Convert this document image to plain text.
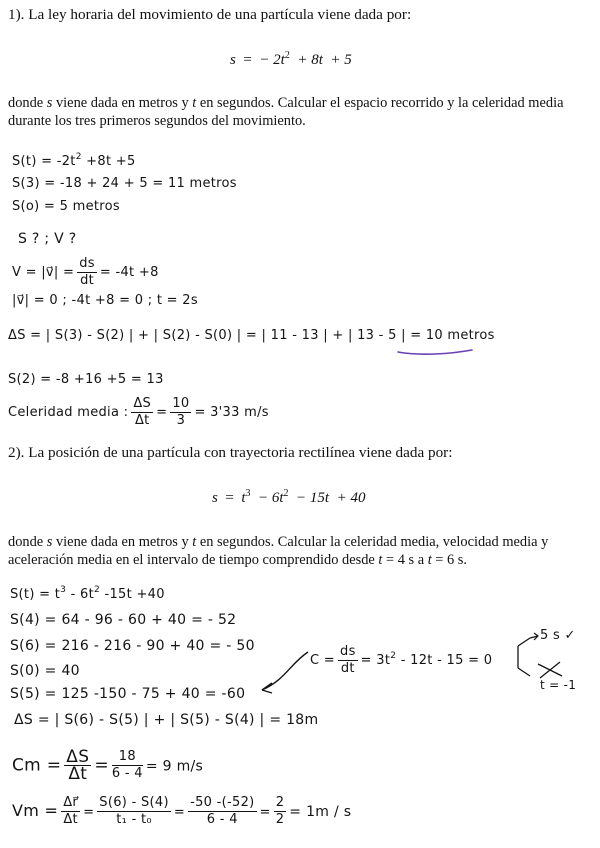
1). La ley horaria del movimiento de una partícula viene dada por:
s = − $2t^2 + 8t + 5$
donde s viene dada en metros y t en segundos. Calcular el espacio recorrido y la celeridad media durante los tres primeros segundos del movimiento.
$S(t) = -2t^2 +8t +5$
S(3) = -18 + 24 + 5 = 11 metros
S(o) = 5 metros
S ? ; V ?
V = |v⃗| = $\frac{ds}{dt} = -4t +8$
|v⃗| = 0 ; -4t +8 = 0 ; t = 2s
ΔS = | S(3) - S(2) | + | S(2) - S(0) | = | 11 - 13 | + | 13 - 5 | = 10 metros
S(2) = -8 +16 +5 = 13
Celeridad media : $\frac{\Delta S}{\Delta t} = \frac{10}{3} = 3'33$ m/s
2). La posición de una partícula con trayectoria rectilínea viene dada por:
$s = t^3 - 6t^2 - 15t + 40$
donde s viene dada en metros y t en segundos. Calcular la celeridad media, velocidad media y aceleración media en el intervalo de tiempo comprendido desde t = 4 s a t = 6 s.
$S(t) = t^3 - 6t^2$ -15t +40
S(4) = 64 - 96 - 60 + 40 = - 52
S(6) = 216 - 216 - 90 + 40 = - 50
S(0) = 40
S(5) = 125 -150 - 75 + 40 = -60
$C = \frac{ds}{dt} = 3t^2 - 12t - 15 = 0$
5 s ✓
t = -1
ΔS = | S(6) - S(5) | + | S(5) - S(4) | = 18m
$Cm = \frac{\Delta S}{\Delta t} = \frac{18}{6 - 4} = 9$ m/s
$Vm = \frac{\Delta r⃗}{\Delta t} = \frac{S(6) - S(4)}{\text{t₁ - t₀}} = \frac{-50 -(-52)}{6 - 4} = \frac{2}{2} = 1m / s$
